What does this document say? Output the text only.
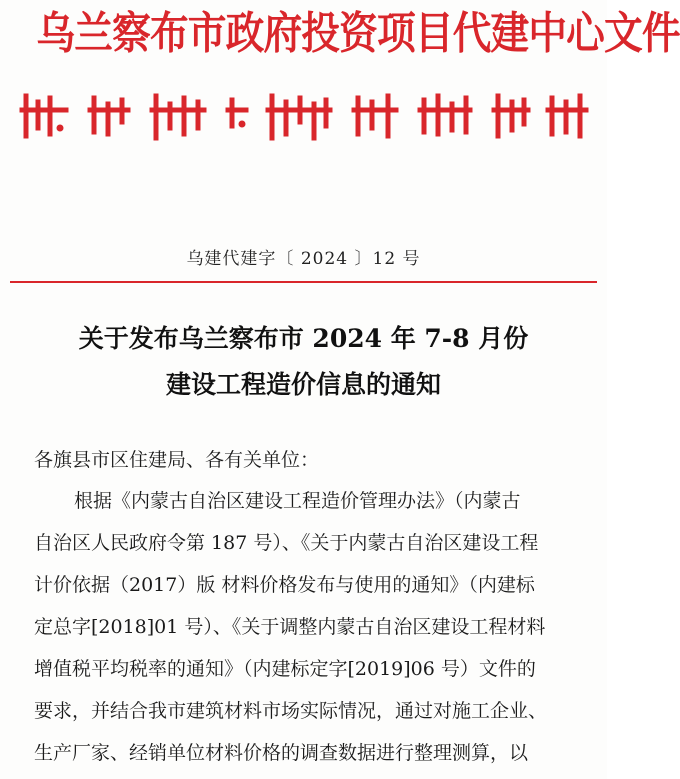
乌兰察布市政府投资项目代建中心文件
乌建代建字〔 2024 〕12 号
关于发布乌兰察布市 2024 年 7-8 月份
建设工程造价信息的通知
各旗县市区住建局、各有关单位：
根据《内蒙古自治区建设工程造价管理办法》（内蒙古
自治区人民政府令第 187 号）、《关于内蒙古自治区建设工程
计价依据（2017）版 材料价格发布与使用的通知》（内建标
定总字[2018]01 号）、《关于调整内蒙古自治区建设工程材料
增值税平均税率的通知》（内建标定字[2019]06 号）文件的
要求，并结合我市建筑材料市场实际情况，通过对施工企业、
生产厂家、经销单位材料价格的调查数据进行整理测算，以
